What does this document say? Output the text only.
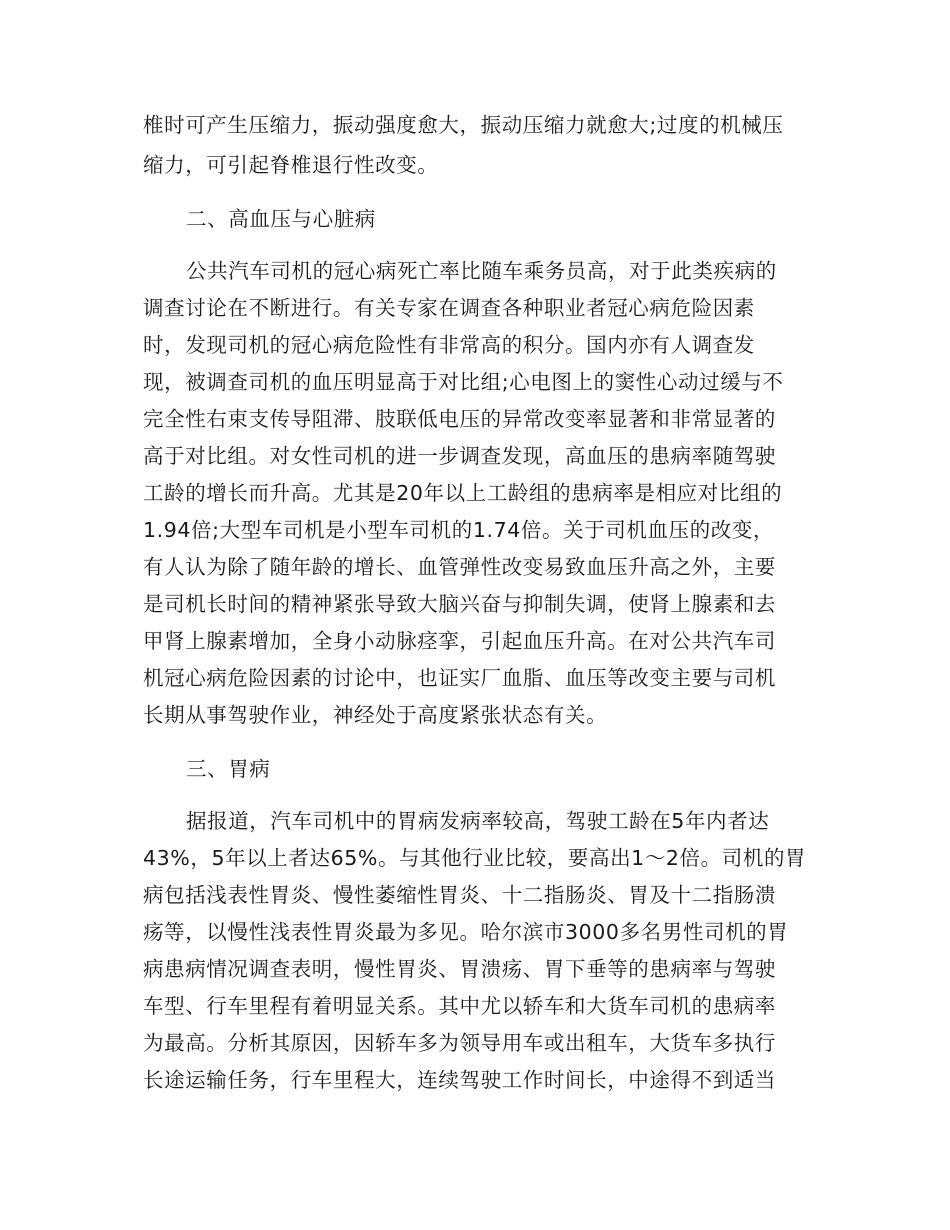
椎时可产生压缩力，振动强度愈大，振动压缩力就愈大;过度的机械压
缩力，可引起脊椎退行性改变。
二、高血压与心脏病
公共汽车司机的冠心病死亡率比随车乘务员高，对于此类疾病的
调查讨论在不断进行。有关专家在调查各种职业者冠心病危险因素
时，发现司机的冠心病危险性有非常高的积分。国内亦有人调查发
现，被调查司机的血压明显高于对比组;心电图上的窦性心动过缓与不
完全性右束支传导阻滞、肢联低电压的异常改变率显著和非常显著的
高于对比组。对女性司机的进一步调查发现，高血压的患病率随驾驶
工龄的增长而升高。尤其是20年以上工龄组的患病率是相应对比组的
1.94倍;大型车司机是小型车司机的1.74倍。关于司机血压的改变，
有人认为除了随年龄的增长、血管弹性改变易致血压升高之外，主要
是司机长时间的精神紧张导致大脑兴奋与抑制失调，使肾上腺素和去
甲肾上腺素增加，全身小动脉痉挛，引起血压升高。在对公共汽车司
机冠心病危险因素的讨论中，也证实厂血脂、血压等改变主要与司机
长期从事驾驶作业，神经处于高度紧张状态有关。
三、胃病
据报道，汽车司机中的胃病发病率较高，驾驶工龄在5年内者达
43%，5年以上者达65%。与其他行业比较，要高出1～2倍。司机的胃
病包括浅表性胃炎、慢性萎缩性胃炎、十二指肠炎、胃及十二指肠溃
疡等，以慢性浅表性胃炎最为多见。哈尔滨市3000多名男性司机的胃
病患病情况调查表明，慢性胃炎、胃溃疡、胃下垂等的患病率与驾驶
车型、行车里程有着明显关系。其中尤以轿车和大货车司机的患病率
为最高。分析其原因，因轿车多为领导用车或出租车，大货车多执行
长途运输任务，行车里程大，连续驾驶工作时间长，中途得不到适当
